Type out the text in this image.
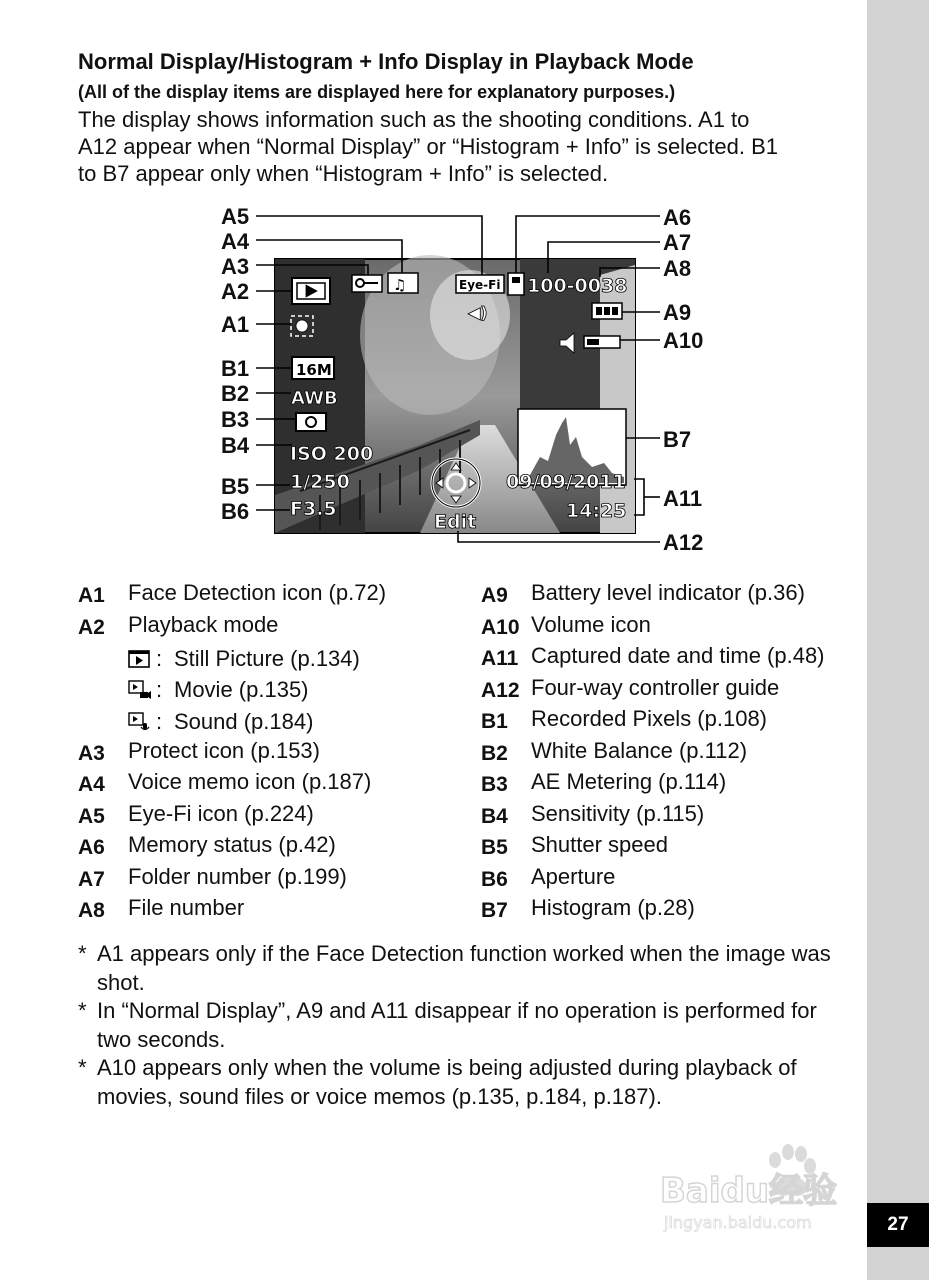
27
Normal Display/Histogram + Info Display in Playback Mode
(All of the display items are displayed here for explanatory purposes.)
The display shows information such as the shooting conditions. A1 to
A12 appear when “Normal Display” or “Histogram + Info” is selected. B1
to B7 appear only when “Histogram + Info” is selected.
♫
16M
AWB
ISO 200
1/250
F3.5
Eye-Fi 100-0038
◀)
09/09/2011
14:25
Edit
A5
A4
A3
A2
A1
B1
B2
B3
B4
B5
B6
A6
A7
A8
A9
A10
B7
A11
A12
A1	Face Detection icon (p.72)
A2	Playback mode
: Still Picture (p.134)
: Movie (p.135)
: Sound (p.184)
A3	Protect icon (p.153)
A4	Voice memo icon (p.187)
A5	Eye-Fi icon (p.224)
A6	Memory status (p.42)
A7	Folder number (p.199)
A8	File number
A9	Battery level indicator (p.36)
A10 Volume icon
A11 Captured date and time (p.48)
A12 Four-way controller guide
B1	Recorded Pixels (p.108)
B2	White Balance (p.112)
B3	AE Metering (p.114)
B4	Sensitivity (p.115)
B5	Shutter speed
B6	Aperture
B7	Histogram (p.28)
* A1 appears only if the Face Detection function worked when the image was shot.
* In “Normal Display”, A9 and A11 disappear if no operation is performed for two seconds.
* A10 appears only when the volume is being adjusted during playback of movies, sound files or voice memos (p.135, p.184, p.187).
Baidu经验
jingyan.baidu.com
